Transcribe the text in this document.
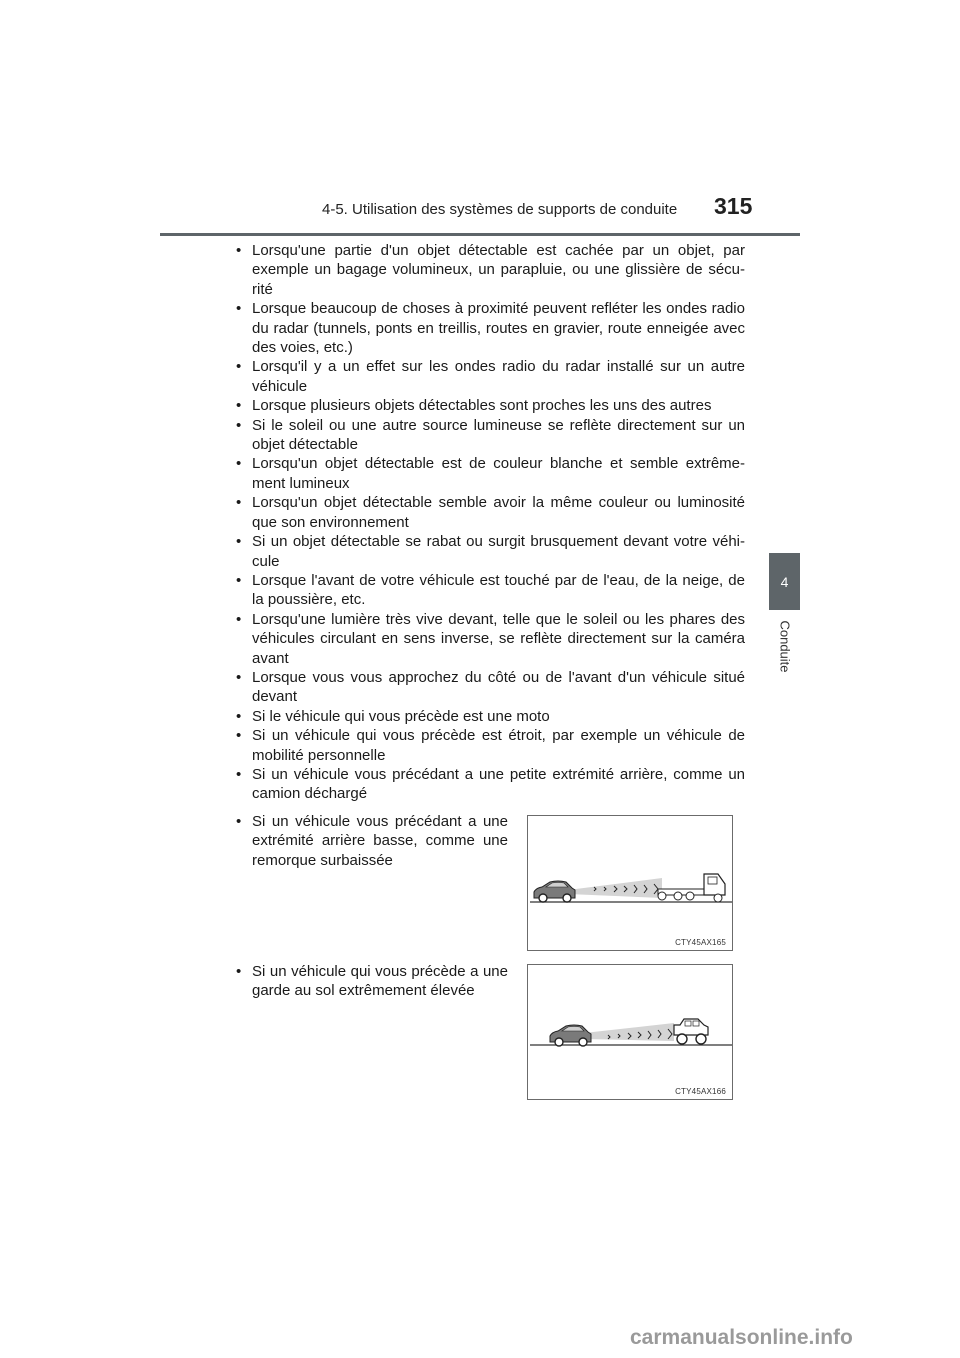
4-5. Utilisation des systèmes de supports de conduite 315
4
Conduite
• Lorsqu'une partie d'un objet détectable est cachée par un objet, par exemple un bagage volumineux, un parapluie, ou une glissière de sécu-rité
• Lorsque beaucoup de choses à proximité peuvent refléter les ondes radio du radar (tunnels, ponts en treillis, routes en gravier, route enneigée avec des voies, etc.)
• Lorsqu'il y a un effet sur les ondes radio du radar installé sur un autre véhicule
• Lorsque plusieurs objets détectables sont proches les uns des autres
• Si le soleil ou une autre source lumineuse se reflète directement sur un objet détectable
• Lorsqu'un objet détectable est de couleur blanche et semble extrême-ment lumineux
• Lorsqu'un objet détectable semble avoir la même couleur ou luminosité que son environnement
• Si un objet détectable se rabat ou surgit brusquement devant votre véhi-cule
• Lorsque l'avant de votre véhicule est touché par de l'eau, de la neige, de la poussière, etc.
• Lorsqu'une lumière très vive devant, telle que le soleil ou les phares des véhicules circulant en sens inverse, se reflète directement sur la caméra avant
• Lorsque vous vous approchez du côté ou de l'avant d'un véhicule situé devant
• Si le véhicule qui vous précède est une moto
• Si un véhicule qui vous précède est étroit, par exemple un véhicule de mobilité personnelle
• Si un véhicule vous précédant a une petite extrémité arrière, comme un camion déchargé
• Si un véhicule vous précédant a une extrémité arrière basse, comme une remorque surbaissée
CTY45AX165
• Si un véhicule qui vous précède a une garde au sol extrêmement élevée
CTY45AX166
carmanualsonline.info
